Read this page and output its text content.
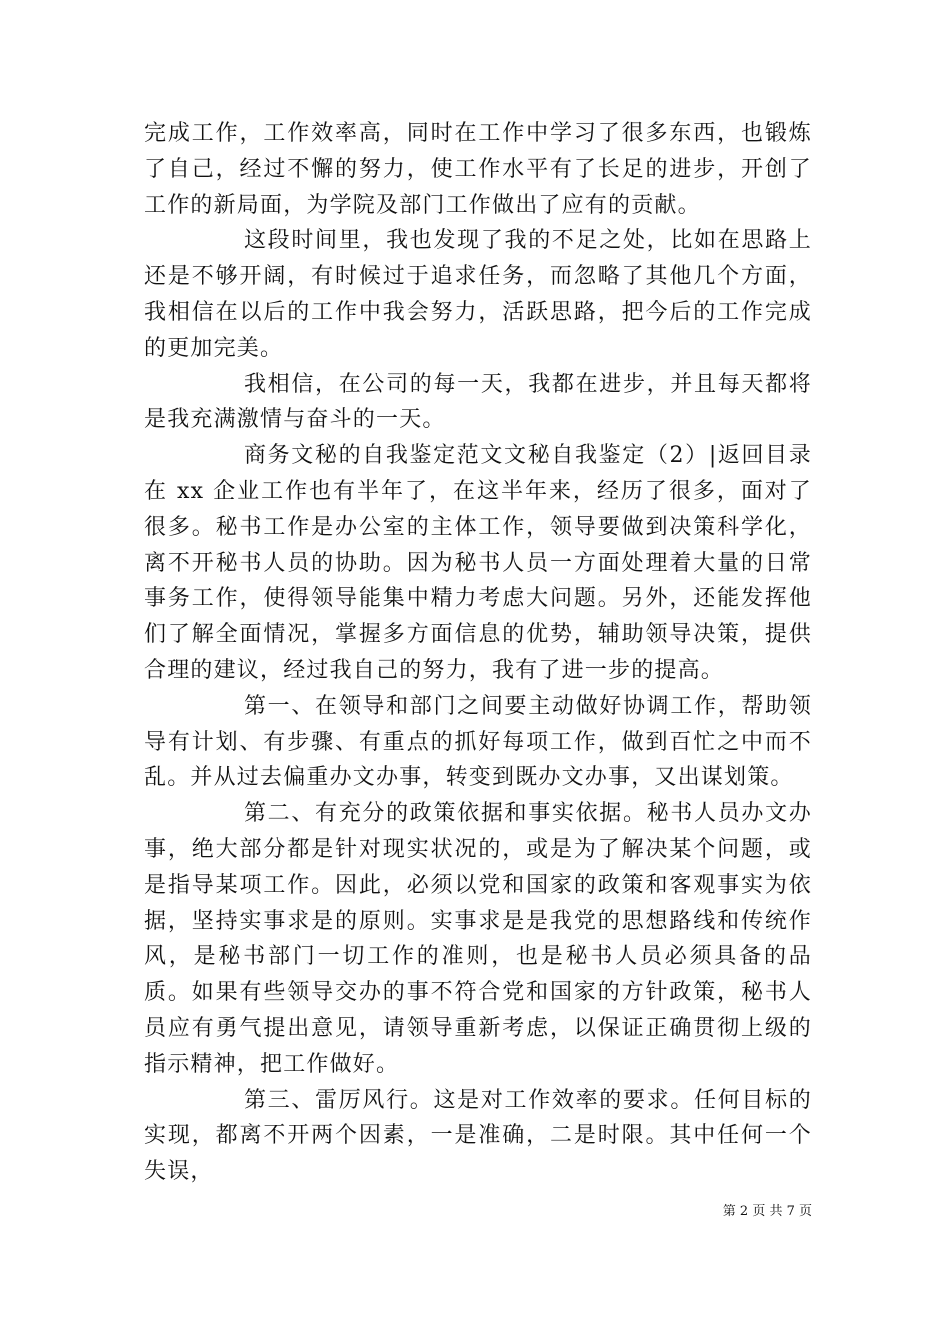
完成工作，工作效率高，同时在工作中学习了很多东西，也锻炼了自己，经过不懈的努力，使工作水平有了长足的进步，开创了工作的新局面，为学院及部门工作做出了应有的贡献。

这段时间里，我也发现了我的不足之处，比如在思路上还是不够开阔，有时候过于追求任务，而忽略了其他几个方面，我相信在以后的工作中我会努力，活跃思路，把今后的工作完成的更加完美。

我相信，在公司的每一天，我都在进步，并且每天都将是我充满激情与奋斗的一天。

商务文秘的自我鉴定范文文秘自我鉴定（2）|返回目录在 xx 企业工作也有半年了，在这半年来，经历了很多，面对了很多。秘书工作是办公室的主体工作，领导要做到决策科学化，离不开秘书人员的协助。因为秘书人员一方面处理着大量的日常事务工作，使得领导能集中精力考虑大问题。另外，还能发挥他们了解全面情况，掌握多方面信息的优势，辅助领导决策，提供合理的建议，经过我自己的努力，我有了进一步的提高。

第一、在领导和部门之间要主动做好协调工作，帮助领导有计划、有步骤、有重点的抓好每项工作，做到百忙之中而不乱。并从过去偏重办文办事，转变到既办文办事，又出谋划策。

第二、有充分的政策依据和事实依据。秘书人员办文办事，绝大部分都是针对现实状况的，或是为了解决某个问题，或是指导某项工作。因此，必须以党和国家的政策和客观事实为依据，坚持实事求是的原则。实事求是是我党的思想路线和传统作风，是秘书部门一切工作的准则，也是秘书人员必须具备的品质。如果有些领导交办的事不符合党和国家的方针政策，秘书人员应有勇气提出意见，请领导重新考虑，以保证正确贯彻上级的指示精神，把工作做好。

第三、雷厉风行。这是对工作效率的要求。任何目标的实现，都离不开两个因素，一是准确，二是时限。其中任何一个失误，

第 2 页 共 7 页
